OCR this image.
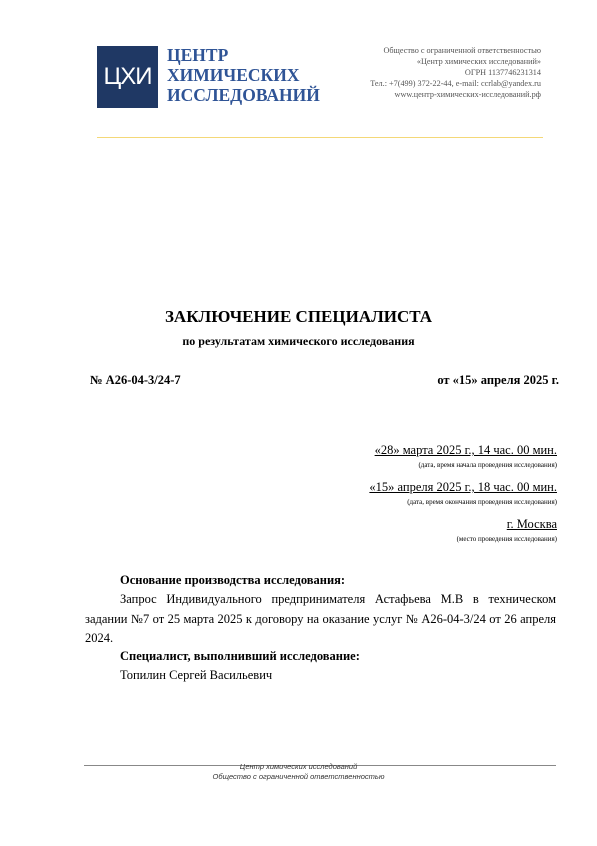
ЦХИ
ЦЕНТР
ХИМИЧЕСКИХ
ИССЛЕДОВАНИЙ
Общество с ограниченной ответственностью
«Центр химических исследований»
ОГРН 1137746231314
Тел.: +7(499) 372-22-44, e-mail: ccrlab@yandex.ru
www.центр-химических-исследований.рф
ЗАКЛЮЧЕНИЕ СПЕЦИАЛИСТА
по результатам химического исследования
№ А26-04-3/24-7	от «15» апреля 2025 г.
«28» марта 2025 г., 14 час. 00 мин.
(дата, время начала проведения исследования)
«15» апреля 2025 г., 18 час. 00 мин.
(дата, время окончания проведения исследования)
г. Москва
(место проведения исследования)
Основание производства исследования:
Запрос Индивидуального предпринимателя Астафьева М.В в техническом задании №7 от 25 марта 2025 к договору на оказание услуг № А26-04-3/24 от 26 апреля 2024.
Специалист, выполнивший исследование:
Топилин Сергей Васильевич
Центр химических исследований
Общество с ограниченной ответственностью
